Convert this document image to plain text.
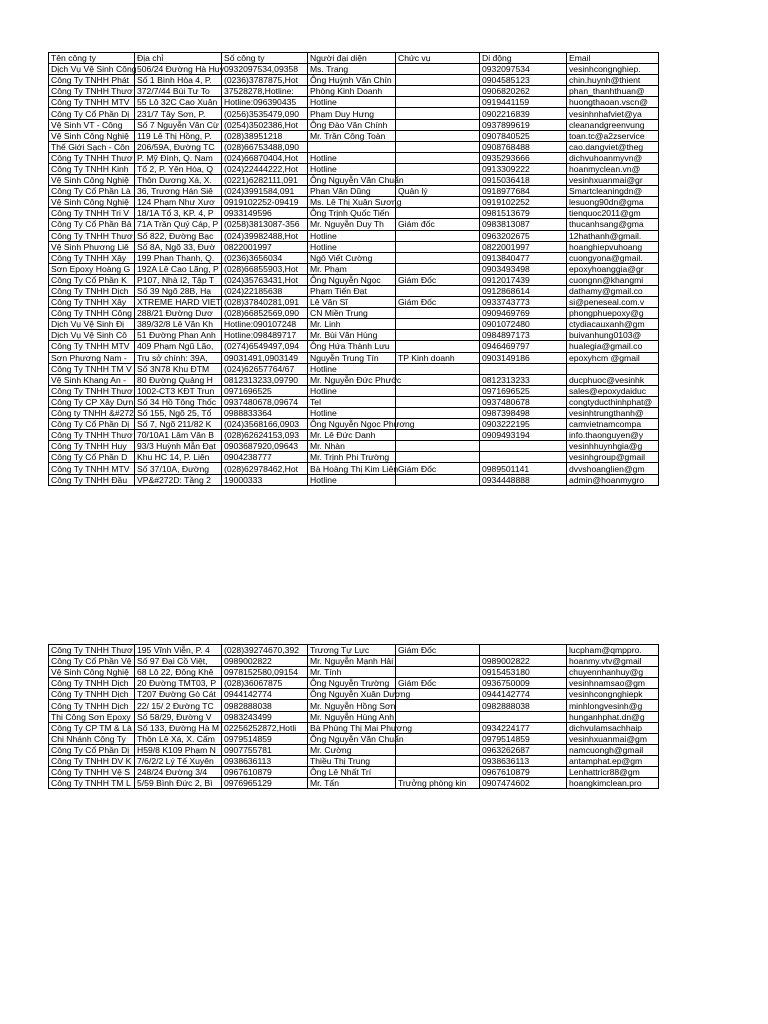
Tên công ty	Địa chỉ	Số công ty	Người đại diện	Chức vụ	Di động	Email
Dịch Vụ Vệ Sinh Công	506/24 Đường Hà Huy	0932097534,09358	Ms. Trang		0932097534	vesinhcongnghiep.
Công Ty TNHH Phát	Số 1 Bình Hòa 4, P.	(0236)3787875,Hot	Ông Huỳnh Văn Chín		0904585123	chin.huynh@thient
Công Ty TNHH Thươ	372/7/44 Bùi Tư To	37528278,Hotline:	Phòng Kinh Doanh		0906820262	phan_thanhthuan@
Công Ty TNHH MTV	55 Lô 32C Cao Xuân	Hotline:096390435	Hotline		0919441159	huongthaoan.vscn@
Công Ty Cổ Phần Dị	231/7 Tây Sơn, P.	(0256)3535479,090	Phạm Duy Hưng		0902216839	vesinhnhafviet@ya
Vệ Sinh VT - Công	Số 7 Nguyễn Văn Cừ	(0254)3502386,Hot	Ông Đào Văn Chính		0937899619	cleanandgreenvung
Vệ Sinh Công Nghiệ	119 Lê Thị Hồng, P.	(028)38951218	Mr. Trần Công Toàn		0907840525	toan.tc@a2zservice
Thế Giới Sạch - Côn	206/59A, Đường TC	(028)66753488,090			0908768488	cao.dangviet@theg
Công Ty TNHH Thươ	P. Mỹ Đình, Q. Nam	(024)66870404,Hot	Hotline		0935293666	dichvuhoanmyvn@
Công Ty TNHH Kinh	Tổ 2, P. Yên Hòa, Q	(024)22444222,Hot	Hotline		0913309222	hoanmyclean.vn@
Vệ Sinh Công Nghiệ	Thôn Dương Xá, X.	(0221)6282111,091	Ông Nguyễn Văn Chuẩn		0915036418	vesinhxuanmai@gr
Công Ty Cổ Phần Là	36, Trương Hán Siê	(024)3991584,091	Phan Văn Dũng	Quản lý	0918977684	Smartcleaningdn@
Vệ Sinh Công Nghiệ	124 Phạm Như Xươ	0919102252-09419	Ms. Lê Thị Xuân Sương		0919102252	lesuong90dn@gma
Công Ty TNHH Tri V	18/1A Tổ 3, KP. 4, P	0933149596	Ông Trịnh Quốc Tiến		0981513679	tienquoc2011@gm
Công Ty Cổ Phần Bả	71A Trần Quý Cáp, P	(0258)3813087-356	Mr. Nguyễn Duy Th	Giám đốc	0983813087	thucanhsang@gma
Công Ty TNHH Thươ	Số 822, Đường Bạc	(024)39982488,Hot	Hotline		0963202675	12hathanh@gmail.
Vệ Sinh Phương Liê	Số 8A, Ngõ 33, Đườ	0822001997	Hotline		0822001997	hoanghiepvuhoang
Công Ty TNHH Xây	199 Phan Thanh, Q.	(0236)3656034	Ngô Viết Cường		0913840477	cuongyona@gmail.
Sơn Epoxy Hoàng G	192A Lê Cao Lãng, P	(028)66855903,Hot	Mr. Phạm		0903493498	epoxyhoanggia@gr
Công Ty Cổ Phần K	P107, Nhà I2, Tập T	(024)35763431,Hot	Ông Nguyễn Ngọc	Giám Đốc	0912017439	cuongnn@khangmi
Công Ty TNHH Dịch	Số 39 Ngõ 28B, Hạ	(024)22185638	Phạm Tiến Đạt		0912868614	dathamy@gmail.co
Công Ty TNHH Xây	XTREME HARD VIET	(028)37840281,091	Lê Văn Sĩ	Giám Đốc	0933743773	si@peneseal.com.v
Công Ty TNHH Công	288/21 Đường Dươ	(028)66852569,090	CN Miền Trung		0909469769	phongphuepoxy@g
Dịch Vụ Vệ Sinh Đị	389/32/8 Lê Văn Kh	Hotline:090107248	Mr. Linh		0901072480	ctydiacauxanh@gm
Dịch Vụ Vệ Sinh Cô	51 Đường Phan Anh	Hotline:098489717	Mr. Bùi Văn Hùng		0984897173	buivanhung0103@
Công Ty TNHH MTV	409 Phạm Ngũ Lão,	(0274)6549497,094	Ông Hứa Thành Lưu		0946469797	hualegia@gmail.co
Sơn Phương Nam -	Trụ sở chính: 39A,	09031491,0903149	Nguyễn Trung Tín	TP Kinh doanh	0903149186	epoxyhcm @gmail
Công Ty TNHH TM V	Số 3N78 Khu ĐTM	(024)62657764/67	Hotline			
Vệ Sinh Khang An -	80 Đường Quảng H	0812313233,09790	Mr. Nguyễn Đức Phước		0812313233	ducphuoc@vesinhk
Công Ty TNHH Thươ	1002-CT3 KĐT Trun	0971696525	Hotline		0971696525	sales@epoxydaiduc
Công Ty CP Xây Dựn	Số 34 Hồ Tông Thốc	0937480678,09674	Tel		0937480678	congtyducthinhphat@
Công ty TNHH &#272	Số 155, Ngõ 25, Tổ	0988833364	Hotline		0987398498	vesinhtrungthanh@
Công Ty Cổ Phần Dị	Số 7, Ngõ 211/82 K	(024)3568166,0903	Ông Nguyễn Ngọc Phương		0903222195	camvietnamcompa
Công Ty TNHH Thươ	70/10A1 Lâm Văn B	(028)62624153,093	Mr. Lê Đức Danh		0909493194	info.thaonguyen@y
Công Ty TNHH Huy	93/3 Huỳnh Mẫn Đạt	0903687920,09643	Mr. Nhàn			vesinhhuynhgia@g
Công Ty Cổ Phần D	Khu HC 14, P. Liên	0904238777	Mr. Trịnh Phi Trường			vesinhgroup@gmail
Công Ty TNHH MTV	Số 37/10A, Đường	(028)62978462,Hot	Bà Hoàng Thị Kim Liên	Giám Đốc	0989501141	dvvshoanglien@gm
Công Ty TNHH Đầu	VP&#272D: Tầng 2	19000333	Hotline		0934448888	admin@hoanmygro
Công Ty TNHH Thươ	195 Vĩnh Viễn, P. 4	(028)39274670,392	Trương Tự Lực	Giám Đốc		lucpham@qmppro.
Công Ty Cổ Phần Vệ	Số 97 Đại Cồ Việt,	0989002822	Mr. Nguyễn Mạnh Hải		0989002822	hoanmy.vtv@gmail
Vệ Sinh Công Nghiệ	68 Lô 22, Đông Khê	0978152580,09154	Mr. Tính		0915453180	chuyennhanhuy@g
Công Ty TNHH Dịch	20 Đường TMT03, P	(028)36067875	Ông Nguyễn Trường	Giám Đốc	0936750009	vesinhnamsao@gm
Công Ty TNHH Dịch	T207 Đường Gò Cát	0944142774	Ông Nguyễn Xuân Dương		0944142774	vesinhcongnghiepk
Công Ty TNHH Dịch	22/ 15/ 2 Đường TC	0982888038	Mr. Nguyễn Hồng Sơn		0982888038	minhlongvesinh@g
Thi Công Sơn Epoxy	Số 58/29, Đường V	0983243499	Mr. Nguyễn Hùng Anh			hunganhphat.dn@g
Công Ty CP TM & Là	Số 133, Đường Hà M	02256252872,Hotli	Bà Phùng Thị Mai Phương		0934224177	dichvulamsachhaip
Chi Nhánh Công Ty	Thôn Lê Xá, X. Cấm	0979514859	Ông Nguyễn Văn Chuẩn		0979514859	vesinhxuanmai@gm
Công Ty Cổ Phần Dị	H59/8 K109 Phạm N	0907755781	Mr. Cường		0963262687	namcuongh@gmail
Công Ty TNHH DV K	7/6/2/2 Lý Tế Xuyên	0938636113	Thiều Thị Trung		0938636113	antamphat.ep@gm
Công Ty TNHH Vệ S	248/24 Đường 3/4	0967610879	Ông Lê Nhất Trí		0967610879	Lenhattricr88@gm
Công Ty TNHH TM L	5/59 Bình Đức 2, Bì	0976965129	Mr. Tấn	Trưởng phòng kin	0907474602	hoangkimclean.pro
